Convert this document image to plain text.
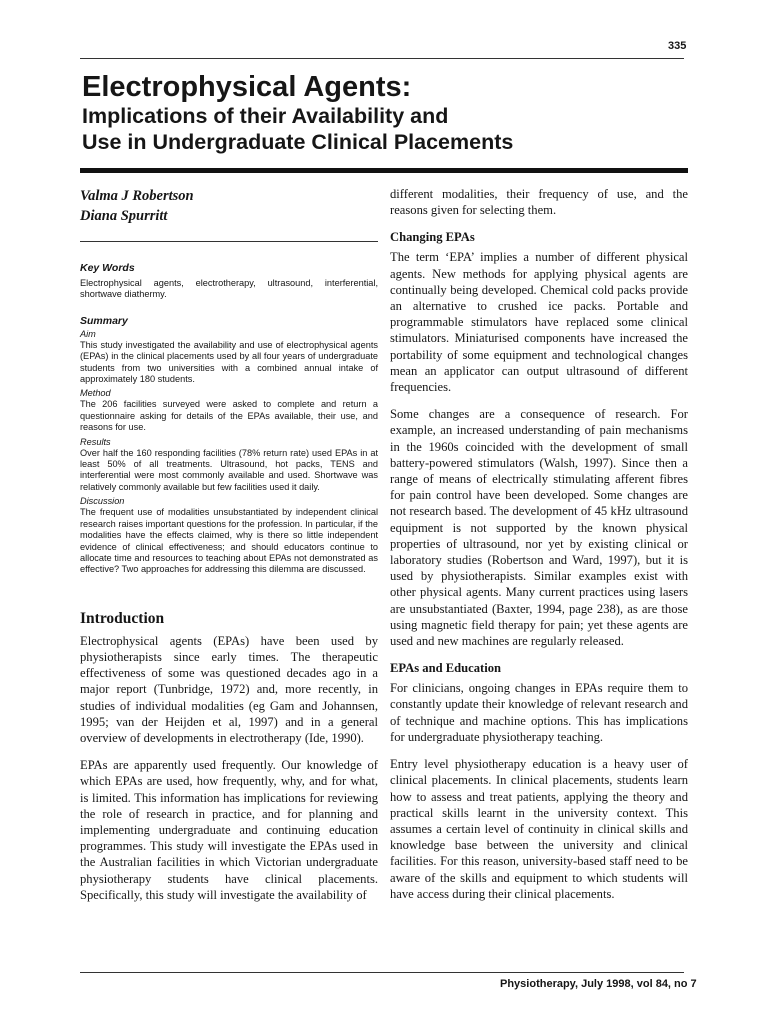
335
Electrophysical Agents:
Implications of their Availability and
Use in Undergraduate Clinical Placements
Valma J Robertson
Diana Spurritt
Key Words

Electrophysical agents, electrotherapy, ultrasound, interferential, shortwave diathermy.

Summary
Aim

This study investigated the availability and use of electrophysical agents (EPAs) in the clinical placements used by all four years of undergraduate students from two universities with a combined annual intake of approximately 180 students.

Method

The 206 facilities surveyed were asked to complete and return a questionnaire asking for details of the EPAs available, their use, and reasons for use.

Results

Over half the 160 responding facilities (78% return rate) used EPAs in at least 50% of all treatments. Ultrasound, hot packs, TENS and interferential were most commonly available and used. Shortwave was relatively commonly available but few facilities used it daily.

Discussion

The frequent use of modalities unsubstantiated by independent clinical research raises important questions for the profession. In particular, if the modalities have the effects claimed, why is there so little independent evidence of clinical effectiveness; and should educators continue to allocate time and resources to teaching about EPAs not demonstrated as effective? Two approaches for addressing this dilemma are discussed.

Introduction

Electrophysical agents (EPAs) have been used by physiotherapists since early times. The therapeutic effectiveness of some was questioned decades ago in a major report (Tunbridge, 1972) and, more recently, in studies of individual modalities (eg Gam and Johannsen, 1995; van der Heijden et al, 1997) and in a general overview of developments in electrotherapy (Ide, 1990).

EPAs are apparently used frequently. Our knowledge of which EPAs are used, how frequently, why, and for what, is limited. This information has implications for reviewing the role of research in practice, and for planning and implementing undergraduate and continuing education programmes. This study will investigate the EPAs used in the Australian facilities in which Victorian undergraduate physiotherapy students have clinical placements. Specifically, this study will investigate the availability of

different modalities, their frequency of use, and the reasons given for selecting them.

Changing EPAs

The term ‘EPA’ implies a number of different physical agents. New methods for applying physical agents are continually being developed. Chemical cold packs provide an alternative to crushed ice packs. Portable and programmable stimulators have replaced some clinical stimulators. Miniaturised components have increased the portability of some equipment and technological changes mean an applicator can output ultrasound of different frequencies.

Some changes are a consequence of research. For example, an increased understanding of pain mechanisms in the 1960s coincided with the development of small battery-powered stimulators (Walsh, 1997). Since then a range of means of electrically stimulating afferent fibres for pain control have been developed. Some changes are not research based. The development of 45 kHz ultrasound equipment is not supported by the known physical properties of ultrasound, nor yet by existing clinical or laboratory studies (Robertson and Ward, 1997), but it is used by physiotherapists. Similar examples exist with other physical agents. Many current practices using lasers are unsubstantiated (Baxter, 1994, page 238), as are those using magnetic field therapy for pain; yet these agents are used and new machines are regularly released.

EPAs and Education

For clinicians, ongoing changes in EPAs require them to constantly update their knowledge of relevant research and of technique and machine options. This has implications for undergraduate physiotherapy teaching.

Entry level physiotherapy education is a heavy user of clinical placements. In clinical placements, students learn how to assess and treat patients, applying the theory and practical skills learnt in the university context. This assumes a certain level of continuity in clinical skills and knowledge base between the university and clinical facilities. For this reason, university-based staff need to be aware of the skills and equipment to which students will have access during their clinical placements.

Physiotherapy, July 1998, vol 84, no 7
